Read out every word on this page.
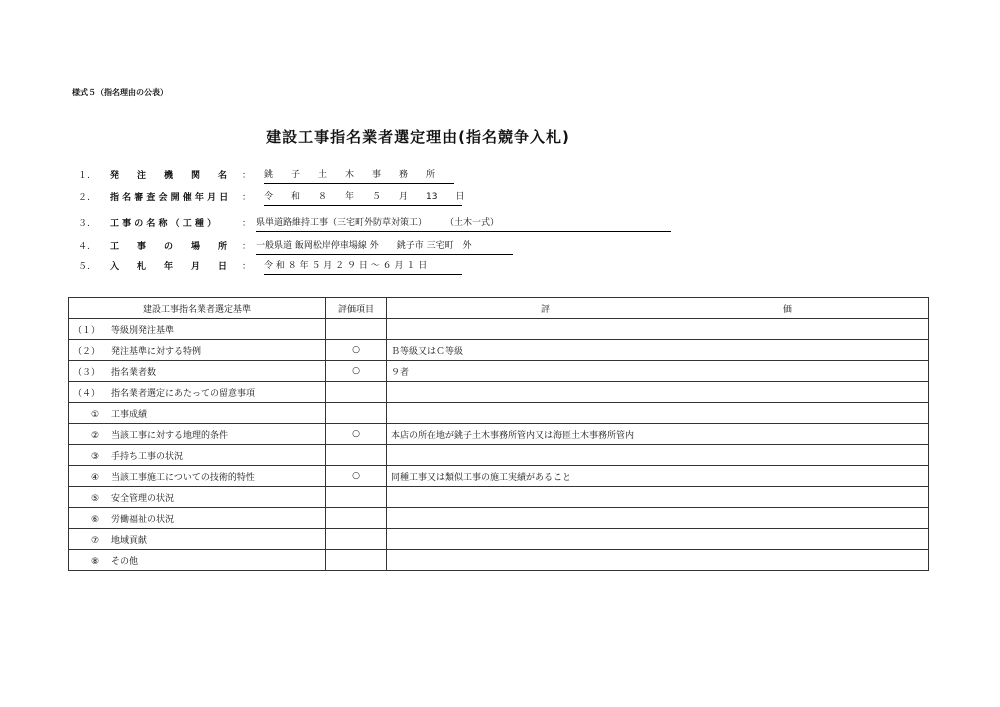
様式５（指名理由の公表）
建設工事指名業者選定理由(指名競争入札)
１. 発　　注　　機　　関　　名 ： 銚　　子　　土　　木　　事　　務　　所
２. 指 名 審 査 会 開 催 年 月 日 ： 令　　和　　８　　年　　５　　月　　13　　日
３. 工 事 の 名 称 （ 工 種 ）	： 県単道路維持工事（三宅町外防草対策工）　　　（土木一式）
４. 工　　事　　の　　場　　所 ： 一般県道 飯岡松岸停車場線 外　　銚子市 三宅町　外
５. 入　　札　　年　　月　　日 ： 令 和 ８ 年 ５ 月 ２ ９ 日 ～ ６ 月 １ 日
建設工事指名業者選定基準	評価項目	評 価
（１） 等級別発注基準		
（２） 発注基準に対する特例	○	Ｂ等級又はＣ等級
（３） 指名業者数	○	９者
（４） 指名業者選定にあたっての留意事項		
① 工事成績		
② 当該工事に対する地理的条件	○	本店の所在地が銚子土木事務所管内又は海匝土木事務所管内
③ 手持ち工事の状況		
④ 当該工事施工についての技術的特性	○	同種工事又は類似工事の施工実績があること
⑤ 安全管理の状況		
⑥ 労働福祉の状況		
⑦ 地域貢献		
⑧ その他		
